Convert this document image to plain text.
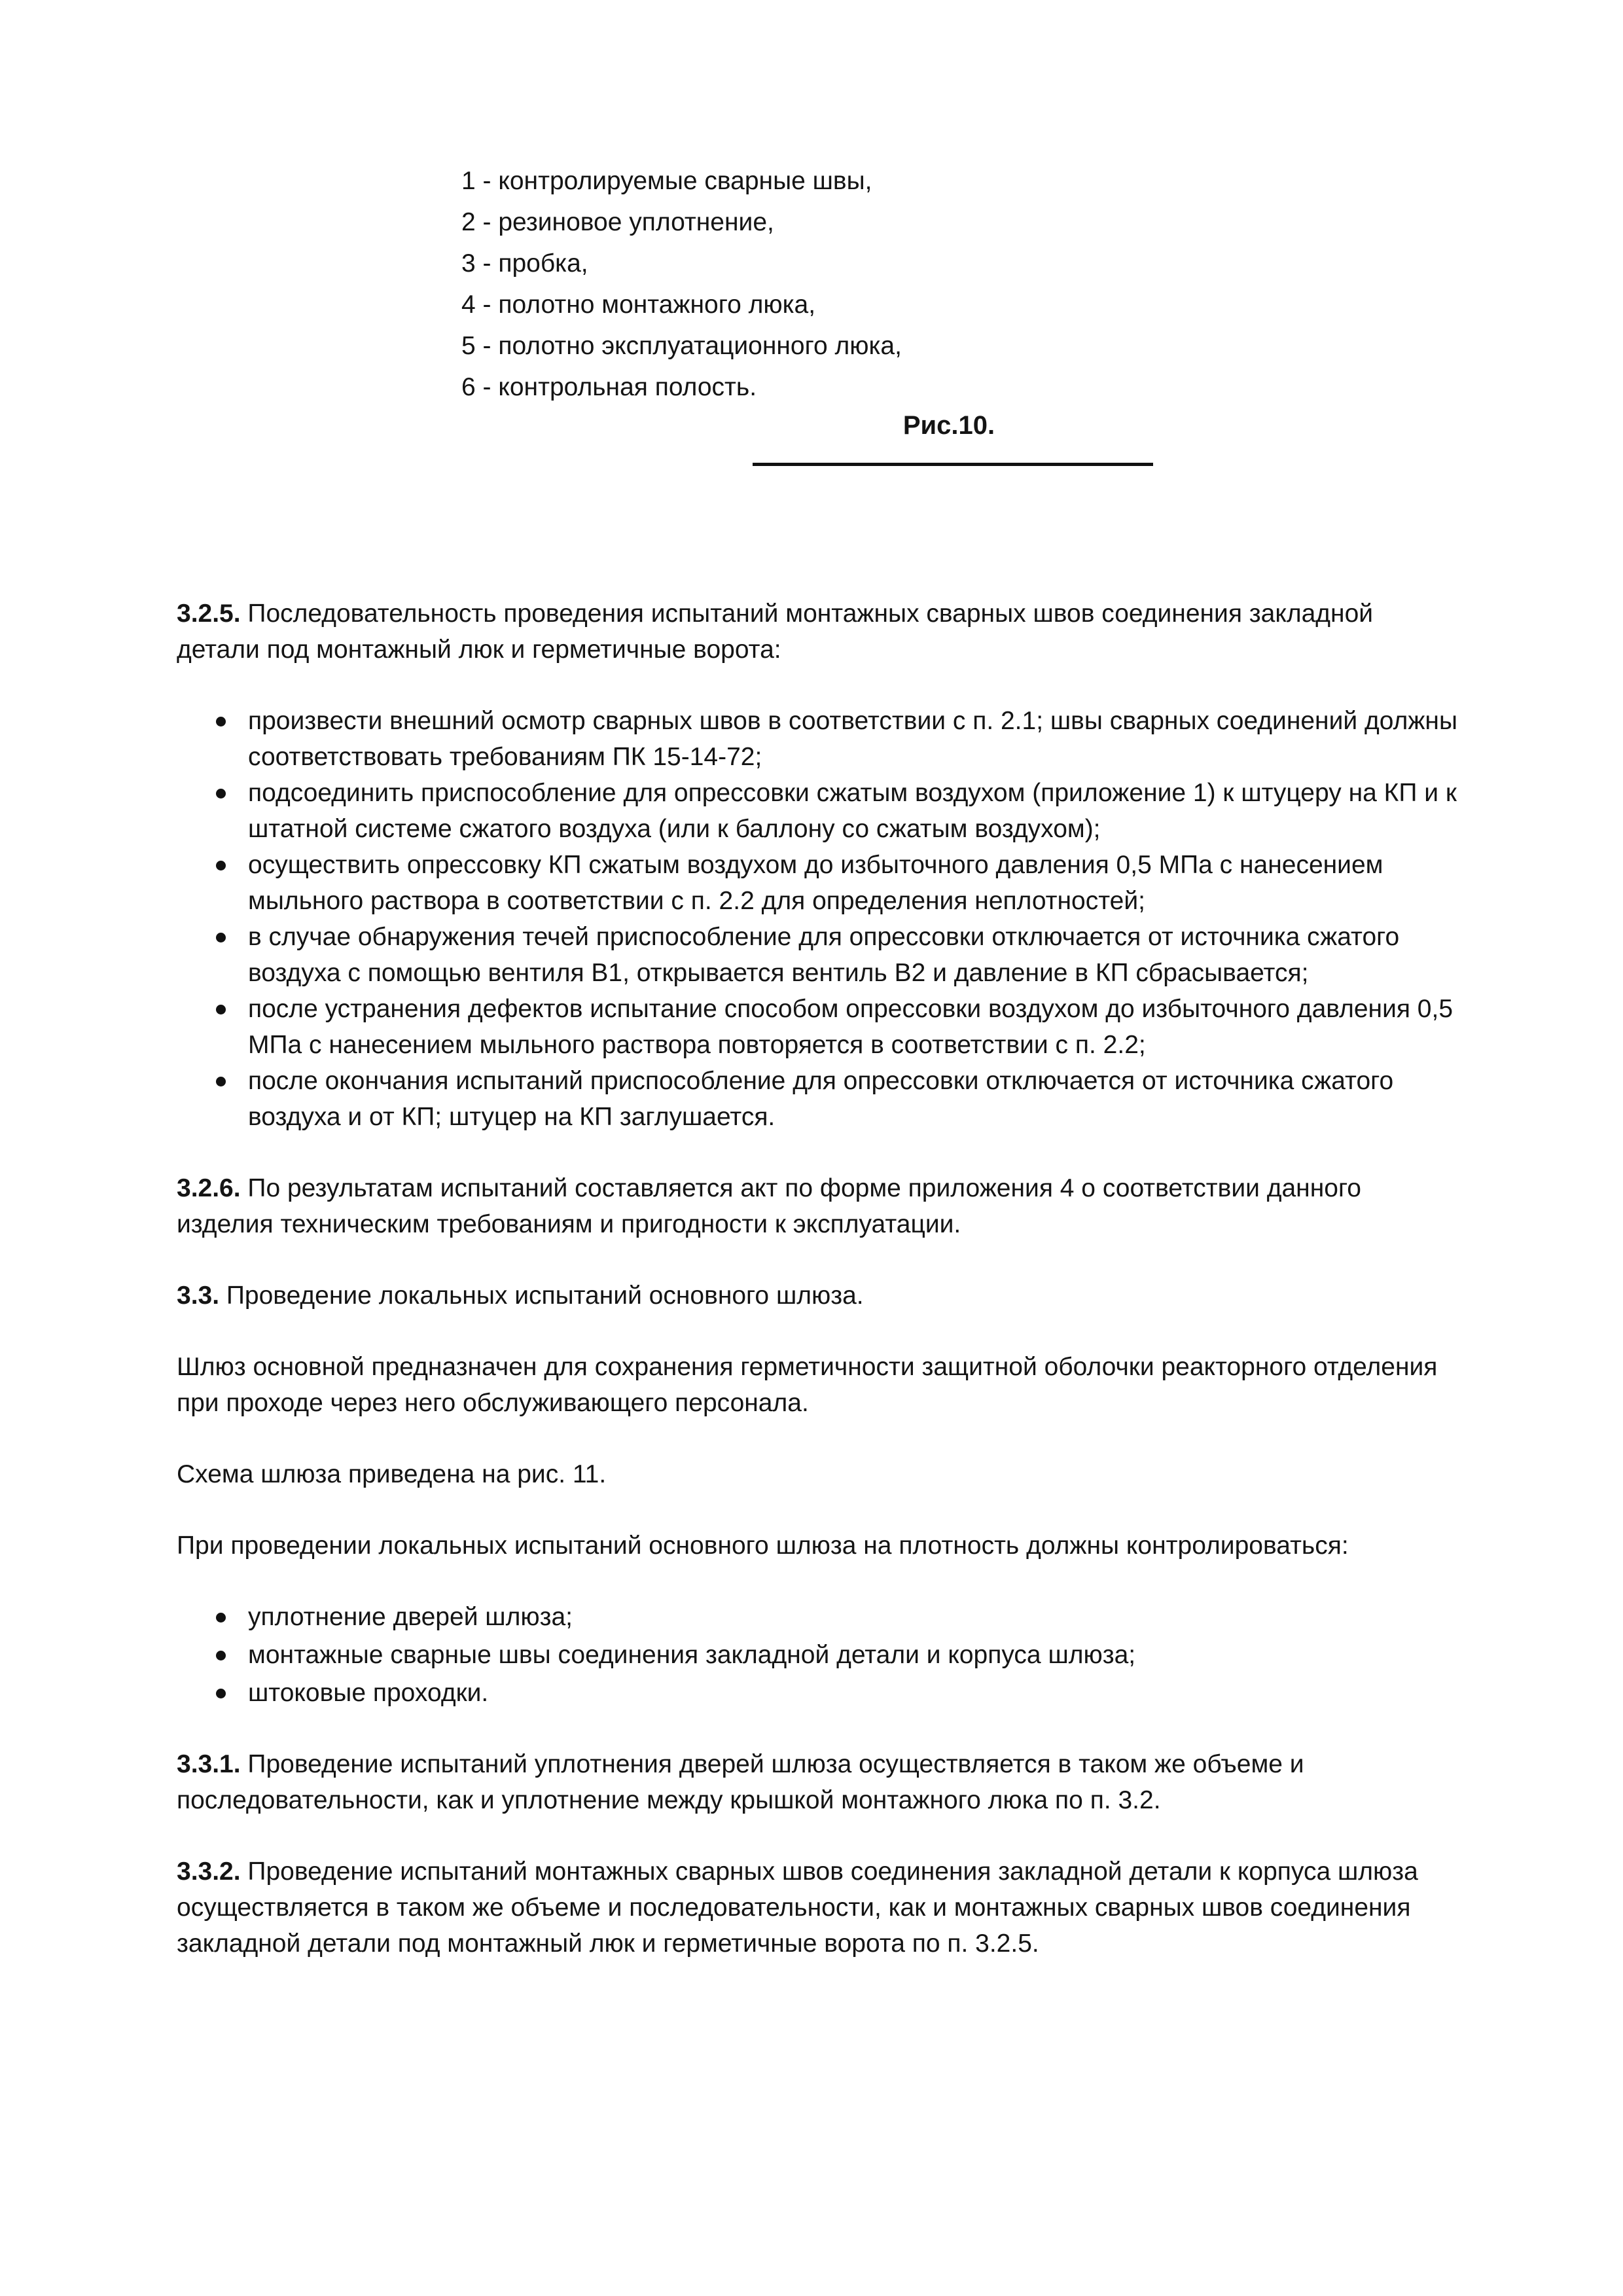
1 - контролируемые сварные швы,
2 - резиновое уплотнение,
3 - пробка,
4 - полотно монтажного люка,
5 - полотно эксплуатационного люка,
6 - контрольная полость.
Рис.10.

3.2.5. Последовательность проведения испытаний монтажных сварных швов соединения закладной детали под монтажный люк и герметичные ворота:

произвести внешний осмотр сварных швов в соответствии с п. 2.1; швы сварных соединений должны соответствовать требованиям ПК 15-14-72;
подсоединить приспособление для опрессовки сжатым воздухом (приложение 1) к штуцеру на КП и к штатной системе сжатого воздуха (или к баллону со сжатым воздухом);
осуществить опрессовку КП сжатым воздухом до избыточного давления 0,5 МПа с нанесением мыльного раствора в соответствии с п. 2.2 для определения неплотностей;
в случае обнаружения течей приспособление для опрессовки отключается от источника сжатого воздуха с помощью вентиля В1, открывается вентиль В2 и давление в КП сбрасывается;
после устранения дефектов испытание способом опрессовки воздухом до избыточного давления 0,5 МПа с нанесением мыльного раствора повторяется в соответствии с п. 2.2;
после окончания испытаний приспособление для опрессовки отключается от источника сжатого воздуха и от КП; штуцер на КП заглушается.

3.2.6. По результатам испытаний составляется акт по форме приложения 4 о соответствии данного изделия техническим требованиям и пригодности к эксплуатации.

3.3. Проведение локальных испытаний основного шлюза.

Шлюз основной предназначен для сохранения герметичности защитной оболочки реакторного отделения при проходе через него обслуживающего персонала.

Схема шлюза приведена на рис. 11.

При проведении локальных испытаний основного шлюза на плотность должны контролироваться:

уплотнение дверей шлюза;
монтажные сварные швы соединения закладной детали и корпуса шлюза;
штоковые проходки.

3.3.1. Проведение испытаний уплотнения дверей шлюза осуществляется в таком же объеме и последовательности, как и уплотнение между крышкой монтажного люка по п. 3.2.

3.3.2. Проведение испытаний монтажных сварных швов соединения закладной детали к корпуса шлюза осуществляется в таком же объеме и последовательности, как и монтажных сварных швов соединения закладной детали под монтажный люк и герметичные ворота по п. 3.2.5.
